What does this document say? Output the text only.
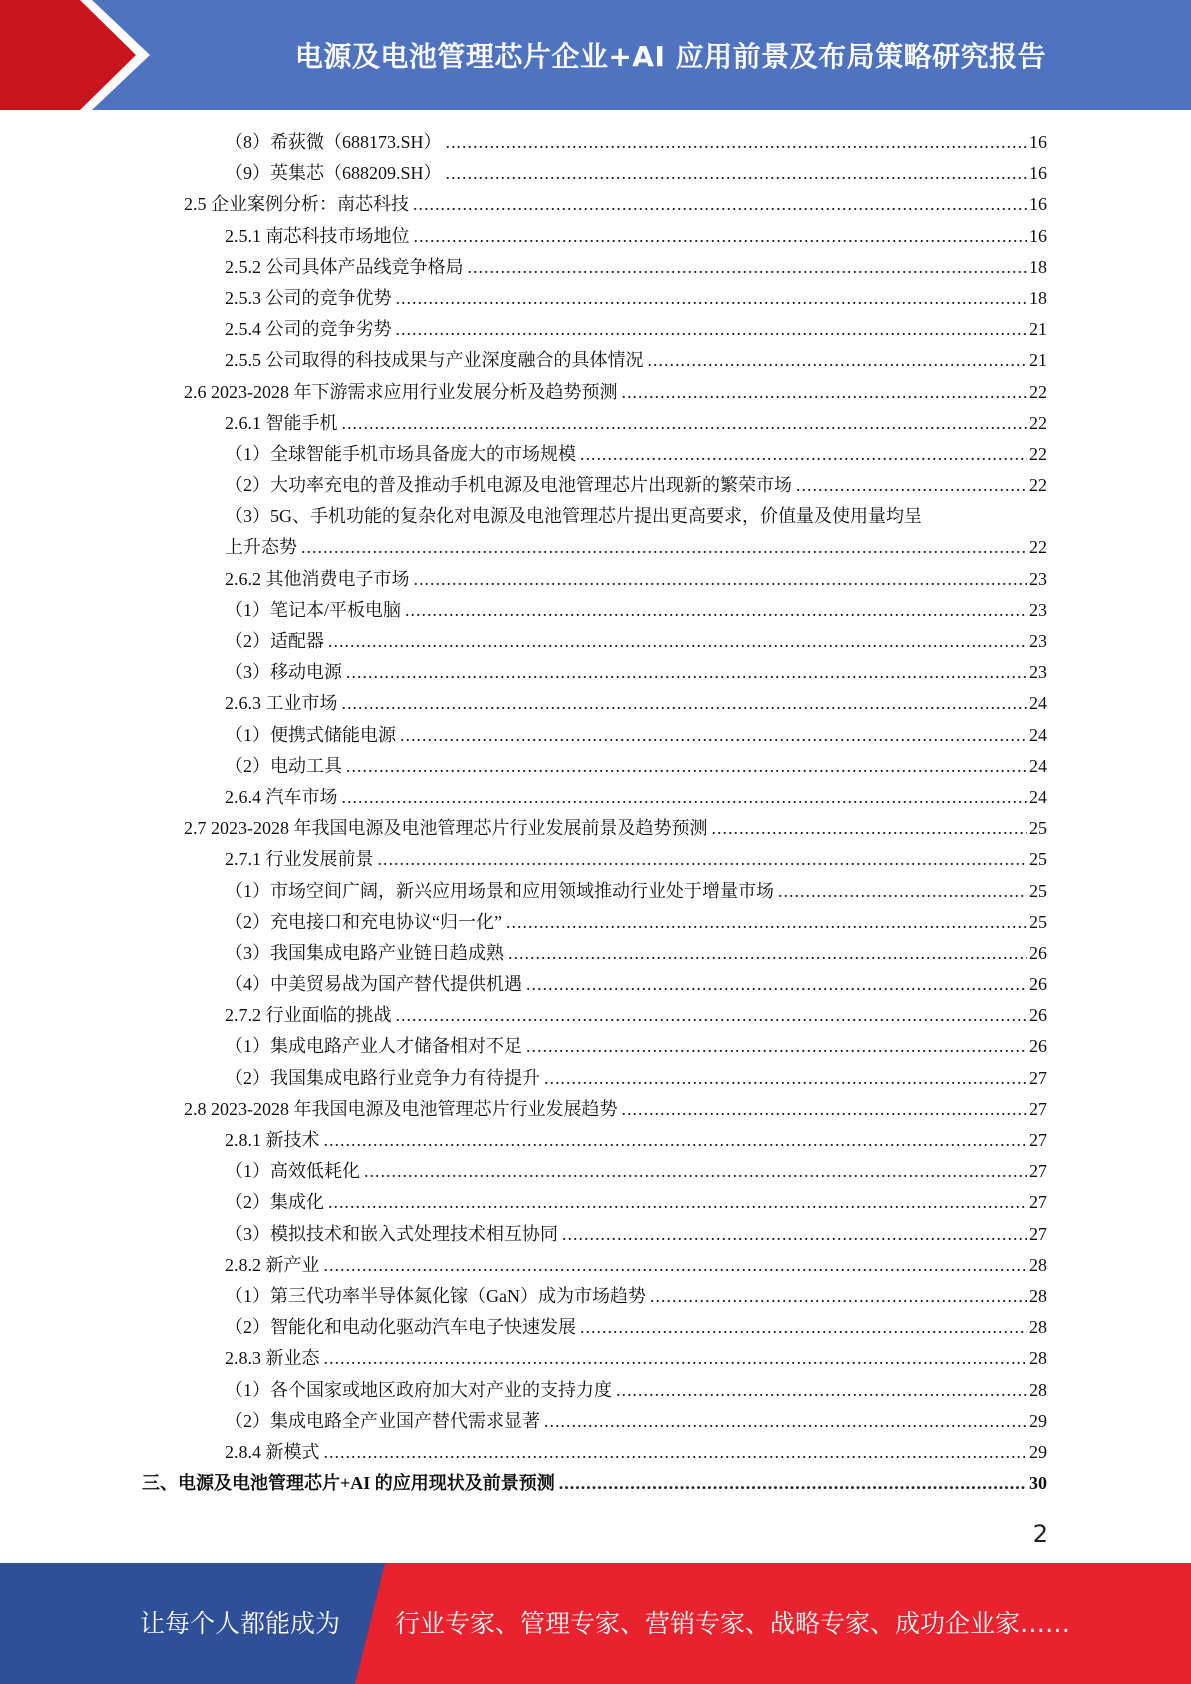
电源及电池管理芯片企业+AI 应用前景及布局策略研究报告
（8）希荻微（688173.SH） .....	16
（9）英集芯（688209.SH） .....	16
2.5 企业案例分析：南芯科技 .....	16
2.5.1 南芯科技市场地位 .....	16
2.5.2 公司具体产品线竞争格局 .....	18
2.5.3 公司的竞争优势 .....	18
2.5.4 公司的竞争劣势 .....	21
2.5.5 公司取得的科技成果与产业深度融合的具体情况 .....	21
2.6 2023-2028 年下游需求应用行业发展分析及趋势预测 .....	22
2.6.1 智能手机 .....	22
（1）全球智能手机市场具备庞大的市场规模 .....	22
（2）大功率充电的普及推动手机电源及电池管理芯片出现新的繁荣市场 .....	22
（3）5G、手机功能的复杂化对电源及电池管理芯片提出更高要求，价值量及使用量均呈
上升态势 .....	22
2.6.2 其他消费电子市场 .....	23
（1）笔记本/平板电脑 .....	23
（2）适配器 .....	23
（3）移动电源 .....	23
2.6.3 工业市场 .....	24
（1）便携式储能电源 .....	24
（2）电动工具 .....	24
2.6.4 汽车市场 .....	24
2.7 2023-2028 年我国电源及电池管理芯片行业发展前景及趋势预测 .....	25
2.7.1 行业发展前景 .....	25
（1）市场空间广阔，新兴应用场景和应用领域推动行业处于增量市场 .....	25
（2）充电接口和充电协议“归一化” .....	25
（3）我国集成电路产业链日趋成熟 .....	26
（4）中美贸易战为国产替代提供机遇 .....	26
2.7.2 行业面临的挑战 .....	26
（1）集成电路产业人才储备相对不足 .....	26
（2）我国集成电路行业竞争力有待提升 .....	27
2.8 2023-2028 年我国电源及电池管理芯片行业发展趋势 .....	27
2.8.1 新技术 .....	27
（1）高效低耗化 .....	27
（2）集成化 .....	27
（3）模拟技术和嵌入式处理技术相互协同 .....	27
2.8.2 新产业 .....	28
（1）第三代功率半导体氮化镓（GaN）成为市场趋势 .....	28
（2）智能化和电动化驱动汽车电子快速发展 .....	28
2.8.3 新业态 .....	28
（1）各个国家或地区政府加大对产业的支持力度 .....	28
（2）集成电路全产业国产替代需求显著 .....	29
2.8.4 新模式 .....	29
三、电源及电池管理芯片+AI 的应用现状及前景预测 .....	30
2
让每个人都能成为 行业专家、管理专家、营销专家、战略专家、成功企业家……
